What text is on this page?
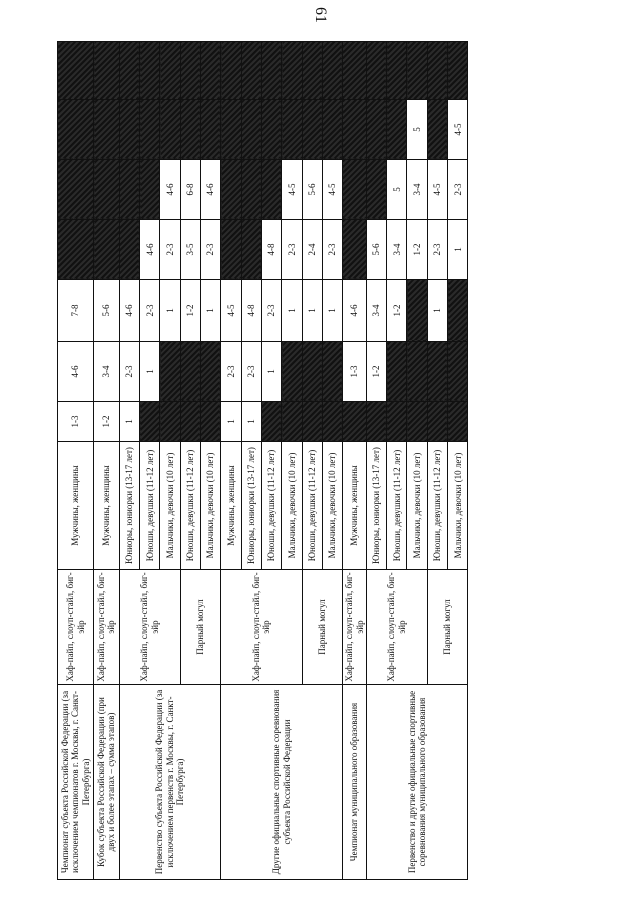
61
Чемпионат субъекта Российской Федерации (за исключением чемпионатов г. Москвы, г. Санкт-Петербурга)	Хаф-пайп, слоуп-стайл, биг-эйр	Мужчины, женщины	1-3	4-6	7-8				
Кубок субъекта Российской Федерации (при двух и более этапах – сумма этапов)	Хаф-пайп, слоуп-стайл, биг-эйр	Мужчины, женщины	1-2	3-4	5-6				
Первенство субъекта Российской Федерации (за исключением первенств г. Москвы, г. Санкт-Петербурга)	Хаф-пайп, слоуп-стайл, биг-эйр	Юниоры, юниорки (13-17 лет)	1	2-3	4-6				
		Юноши, девушки (11-12 лет)		1	2-3	4-6			
		Мальчики, девочки (10 лет)			1	2-3	4-6		
	Парный могул	Юноши, девушки (11-12 лет)			1-2	3-5	6-8		
		Мальчики, девочки (10 лет)			1	2-3	4-6		
Другие официальные спортивные соревнования субъекта Российской Федерации	Хаф-пайп, слоуп-стайл, биг-эйр	Мужчины, женщины	1	2-3	4-5				
		Юниоры, юниорки (13-17 лет)	1	2-3	4-8				
		Юноши, девушки (11-12 лет)		1	2-3	4-8			
		Мальчики, девочки (10 лет)			1	2-3	4-5		
	Парный могул	Юноши, девушки (11-12 лет)			1	2-4	5-6		
		Мальчики, девочки (10 лет)			1	2-3	4-5		
Чемпионат муниципального образования	Хаф-пайп, слоуп-стайл, биг-эйр	Мужчины, женщины		1-3	4-6				
Первенство и другие официальные спортивные соревнования муниципального образования	Хаф-пайп, слоуп-стайл, биг-эйр	Юниоры, юниорки (13-17 лет)		1-2	3-4	5-6			
		Юноши, девушки (11-12 лет)			1-2	3-4	5		
		Мальчики, девочки (10 лет)				1-2	3-4	5	
	Парный могул	Юноши, девушки (11-12 лет)			1	2-3	4-5		
		Мальчики, девочки (10 лет)				1	2-3	4-5	
